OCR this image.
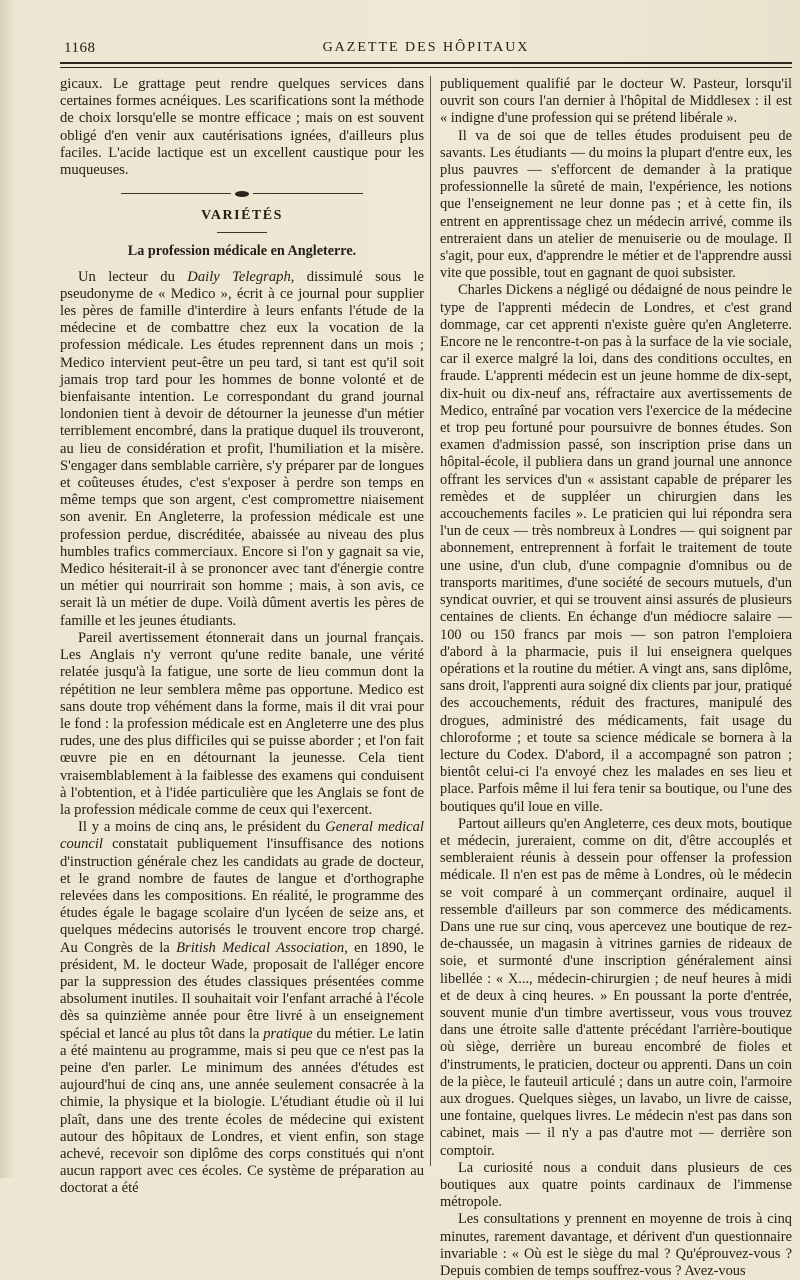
1168	GAZETTE DES HÔPITAUX

gicaux. Le grattage peut rendre quelques services dans certaines formes acnéiques. Les scarifications sont la méthode de choix lorsqu'elle se montre efficace ; mais on est souvent obligé d'en venir aux cautérisations ignées, d'ailleurs plus faciles. L'acide lactique est un excellent caustique pour les muqueuses.

VARIÉTÉS
La profession médicale en Angleterre.

Un lecteur du Daily Telegraph, dissimulé sous le pseudonyme de « Medico », écrit à ce journal pour supplier les pères de famille d'interdire à leurs enfants l'étude de la médecine et de combattre chez eux la vocation de la profession médicale. Les études reprennent dans un mois ; Medico intervient peut-être un peu tard, si tant est qu'il soit jamais trop tard pour les hommes de bonne volonté et de bienfaisante intention. Le correspondant du grand journal londonien tient à devoir de détourner la jeunesse d'un métier terriblement encombré, dans la pratique duquel ils trouveront, au lieu de considération et profit, l'humiliation et la misère. S'engager dans semblable carrière, s'y préparer par de longues et coûteuses études, c'est s'exposer à perdre son temps en même temps que son argent, c'est compromettre niaisement son avenir. En Angleterre, la profession médicale est une profession perdue, discréditée, abaissée au niveau des plus humbles trafics commerciaux. Encore si l'on y gagnait sa vie, Medico hésiterait-il à se prononcer avec tant d'énergie contre un métier qui nourrirait son homme ; mais, à son avis, ce serait là un métier de dupe. Voilà dûment avertis les pères de famille et les jeunes étudiants.

Pareil avertissement étonnerait dans un journal français. Les Anglais n'y verront qu'une redite banale, une vérité relatée jusqu'à la fatigue, une sorte de lieu commun dont la répétition ne leur semblera même pas opportune. Medico est sans doute trop véhément dans la forme, mais il dit vrai pour le fond : la profession médicale est en Angleterre une des plus rudes, une des plus difficiles qui se puisse aborder ; et l'on fait œuvre pie en en détournant la jeunesse. Cela tient vraisemblablement à la faiblesse des examens qui conduisent à l'obtention, et à l'idée particulière que les Anglais se font de la profession médicale comme de ceux qui l'exercent.

Il y a moins de cinq ans, le président du General medical council constatait publiquement l'insuffisance des notions d'instruction générale chez les candidats au grade de docteur, et le grand nombre de fautes de langue et d'orthographe relevées dans les compositions. En réalité, le programme des études égale le bagage scolaire d'un lycéen de seize ans, et quelques médecins autorisés le trouvent encore trop chargé. Au Congrès de la British Medical Association, en 1890, le président, M. le docteur Wade, proposait de l'alléger encore par la suppression des études classiques présentées comme absolument inutiles. Il souhaitait voir l'enfant arraché à l'école dès sa quinzième année pour être livré à un enseignement spécial et lancé au plus tôt dans la pratique du métier. Le latin a été maintenu au programme, mais si peu que ce n'est pas la peine d'en parler. Le minimum des années d'études est aujourd'hui de cinq ans, une année seulement consacrée à la chimie, la physique et la biologie. L'étudiant étudie où il lui plaît, dans une des trente écoles de médecine qui existent autour des hôpitaux de Londres, et vient enfin, son stage achevé, recevoir son diplôme des corps constitués qui n'ont aucun rapport avec ces écoles. Ce système de préparation au doctorat a été

publiquement qualifié par le docteur W. Pasteur, lorsqu'il ouvrit son cours l'an dernier à l'hôpital de Middlesex : il est « indigne d'une profession qui se prétend libérale ».

Il va de soi que de telles études produisent peu de savants. Les étudiants — du moins la plupart d'entre eux, les plus pauvres — s'efforcent de demander à la pratique professionnelle la sûreté de main, l'expérience, les notions que l'enseignement ne leur donne pas ; et à cette fin, ils entrent en apprentissage chez un médecin arrivé, comme ils entreraient dans un atelier de menuiserie ou de moulage. Il s'agit, pour eux, d'apprendre le métier et de l'apprendre aussi vite que possible, tout en gagnant de quoi subsister.

Charles Dickens a négligé ou dédaigné de nous peindre le type de l'apprenti médecin de Londres, et c'est grand dommage, car cet apprenti n'existe guère qu'en Angleterre. Encore ne le rencontre-t-on pas à la surface de la vie sociale, car il exerce malgré la loi, dans des conditions occultes, en fraude. L'apprenti médecin est un jeune homme de dix-sept, dix-huit ou dix-neuf ans, réfractaire aux avertissements de Medico, entraîné par vocation vers l'exercice de la médecine et trop peu fortuné pour poursuivre de bonnes études. Son examen d'admission passé, son inscription prise dans un hôpital-école, il publiera dans un grand journal une annonce offrant les services d'un « assistant capable de préparer les remèdes et de suppléer un chirurgien dans les accouchements faciles ». Le praticien qui lui répondra sera l'un de ceux — très nombreux à Londres — qui soignent par abonnement, entreprennent à forfait le traitement de toute une usine, d'un club, d'une compagnie d'omnibus ou de transports maritimes, d'une société de secours mutuels, d'un syndicat ouvrier, et qui se trouvent ainsi assurés de plusieurs centaines de clients. En échange d'un médiocre salaire — 100 ou 150 francs par mois — son patron l'emploiera d'abord à la pharmacie, puis il lui enseignera quelques opérations et la routine du métier. A vingt ans, sans diplôme, sans droit, l'apprenti aura soigné dix clients par jour, pratiqué des accouchements, réduit des fractures, manipulé des drogues, administré des médicaments, fait usage du chloroforme ; et toute sa science médicale se bornera à la lecture du Codex. D'abord, il a accompagné son patron ; bientôt celui-ci l'a envoyé chez les malades en ses lieu et place. Parfois même il lui fera tenir sa boutique, ou l'une des boutiques qu'il loue en ville.

Partout ailleurs qu'en Angleterre, ces deux mots, boutique et médecin, jureraient, comme on dit, d'être accouplés et sembleraient réunis à dessein pour offenser la profession médicale. Il n'en est pas de même à Londres, où le médecin se voit comparé à un commerçant ordinaire, auquel il ressemble d'ailleurs par son commerce des médicaments. Dans une rue sur cinq, vous apercevez une boutique de rez-de-chaussée, un magasin à vitrines garnies de rideaux de soie, et surmonté d'une inscription généralement ainsi libellée : « X..., médecin-chirurgien ; de neuf heures à midi et de deux à cinq heures. » En poussant la porte d'entrée, souvent munie d'un timbre avertisseur, vous vous trouvez dans une étroite salle d'attente précédant l'arrière-boutique où siège, derrière un bureau encombré de fioles et d'instruments, le praticien, docteur ou apprenti. Dans un coin de la pièce, le fauteuil articulé ; dans un autre coin, l'armoire aux drogues. Quelques sièges, un lavabo, un livre de caisse, une fontaine, quelques livres. Le médecin n'est pas dans son cabinet, mais — il n'y a pas d'autre mot — derrière son comptoir.

La curiosité nous a conduit dans plusieurs de ces boutiques aux quatre points cardinaux de l'immense métropole.

Les consultations y prennent en moyenne de trois à cinq minutes, rarement davantage, et dérivent d'un questionnaire invariable : « Où est le siège du mal ? Qu'éprouvez-vous ? Depuis combien de temps souffrez-vous ? Avez-vous
